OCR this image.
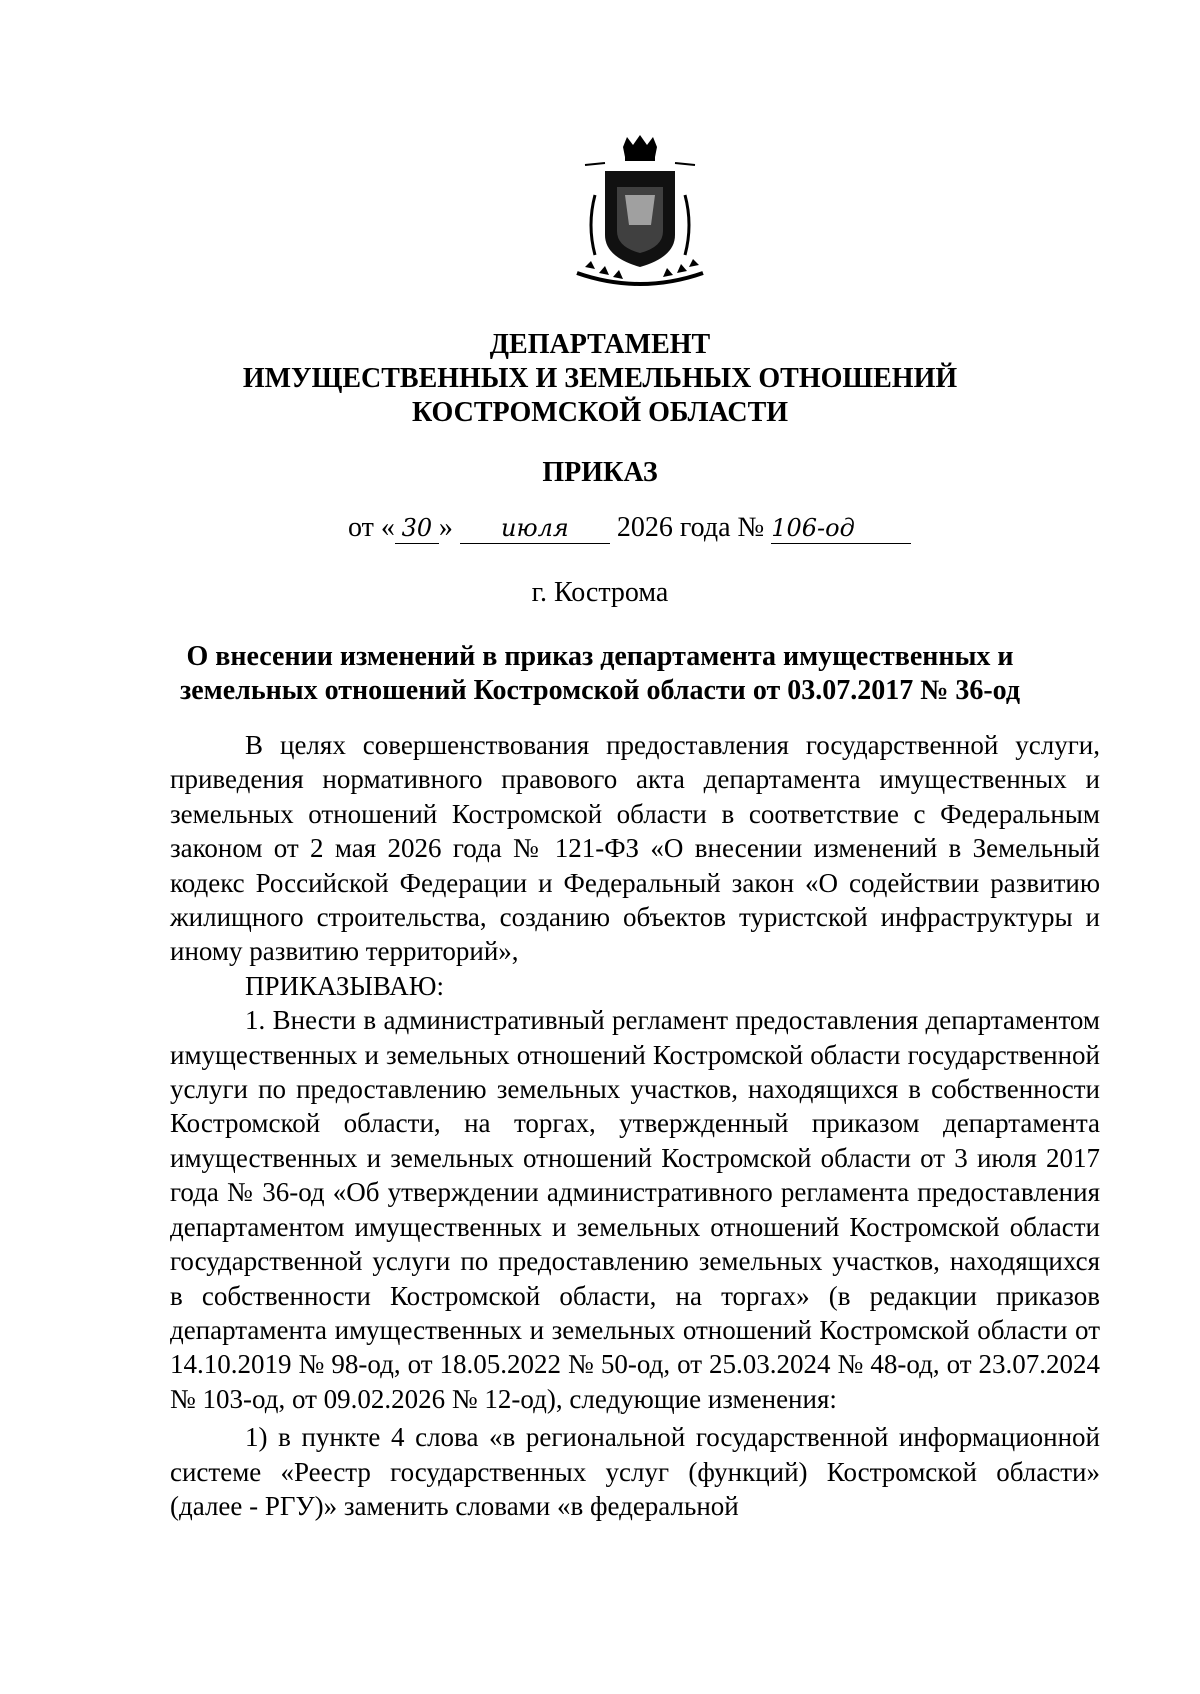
ДЕПАРТАМЕНТ
ИМУЩЕСТВЕННЫХ И ЗЕМЕЛЬНЫХ ОТНОШЕНИЙ
КОСТРОМСКОЙ ОБЛАСТИ
ПРИКАЗ
от « 30 » июля 2026 года № 106-од
г. Кострома
О внесении изменений в приказ департамента имущественных и
земельных отношений Костромской области от 03.07.2017 № 36-од

В целях совершенствования предоставления государственной услуги, приведения нормативного правового акта департамента имущественных и земельных отношений Костромской области в соответствие с Федеральным законом от 2 мая 2026 года № 121-ФЗ «О внесении изменений в Земельный кодекс Российской Федерации и Федеральный закон «О содействии развитию жилищного строительства, созданию объектов туристской инфраструктуры и иному развитию территорий»,

ПРИКАЗЫВАЮ:

1. Внести в административный регламент предоставления департаментом имущественных и земельных отношений Костромской области государственной услуги по предоставлению земельных участков, находящихся в собственности Костромской области, на торгах, утвержденный приказом департамента имущественных и земельных отношений Костромской области от 3 июля 2017 года № 36-од «Об утверждении административного регламента предоставления департаментом имущественных и земельных отношений Костромской области государственной услуги по предоставлению земельных участков, находящихся в собственности Костромской области, на торгах» (в редакции приказов департамента имущественных и земельных отношений Костромской области от 14.10.2019 № 98-од, от 18.05.2022 № 50-од, от 25.03.2024 № 48-од, от 23.07.2024 № 103-од, от 09.02.2026 № 12-од), следующие изменения:

1) в пункте 4 слова «в региональной государственной информационной системе «Реестр государственных услуг (функций) Костромской области» (далее - РГУ)» заменить словами «в федеральной
